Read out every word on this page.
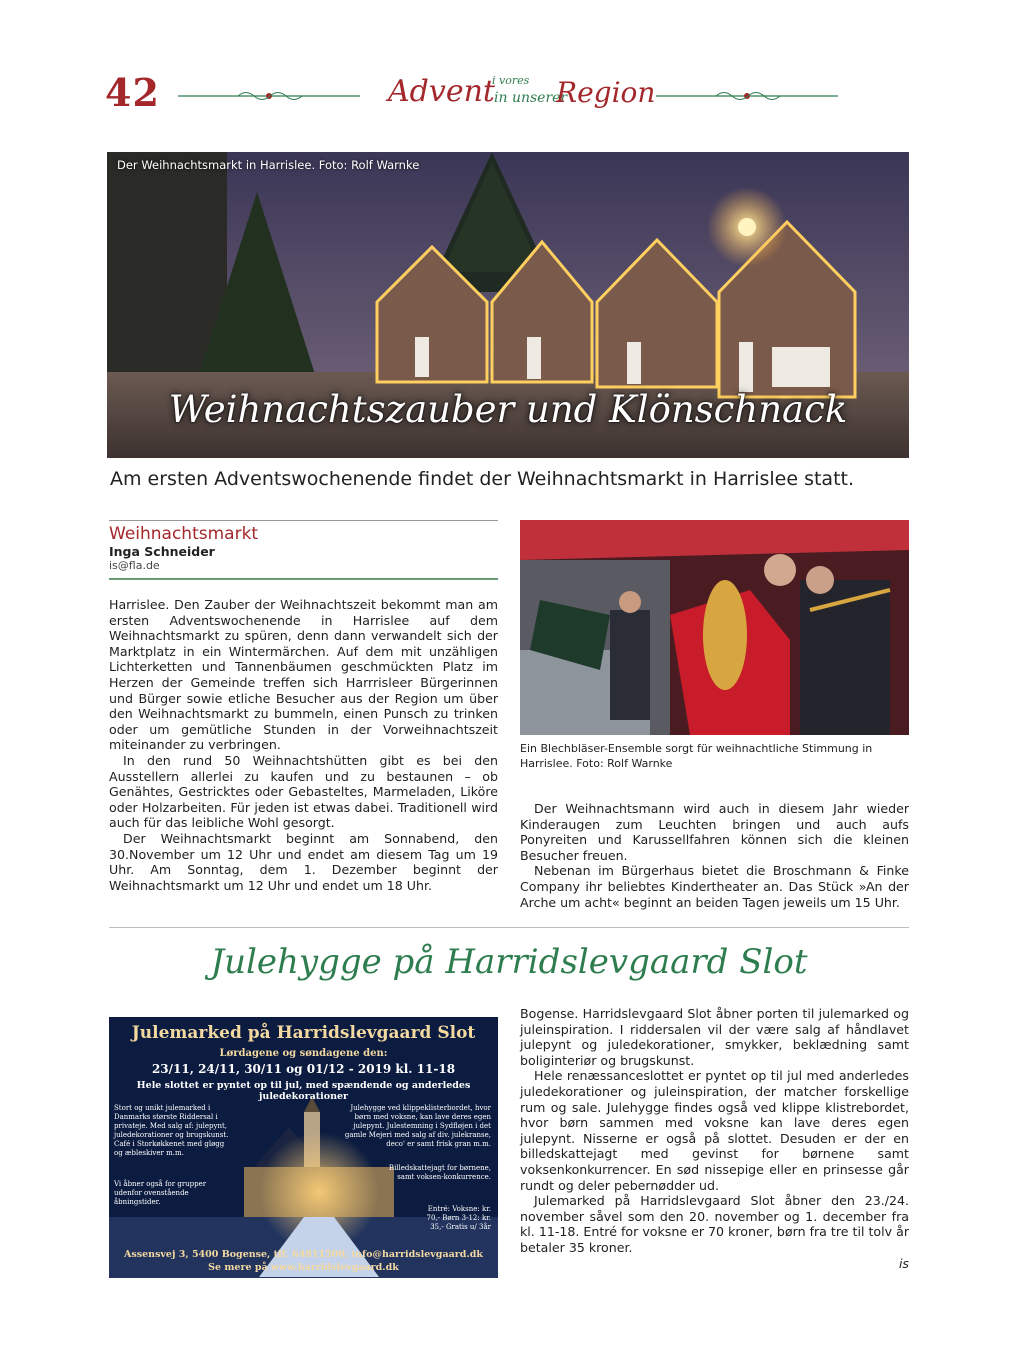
42	Advent
i vores
in unserer
Region
Der Weihnachtsmarkt in Harrislee. Foto: Rolf Warnke
Weihnachtszauber und Klönschnack
Am ersten Adventswochenende findet der Weihnachtsmarkt in Harrislee statt.
Weihnachtsmarkt
Inga Schneider
is@fla.de

Harrislee. Den Zauber der Weihnachtszeit bekommt man am ersten Adventswochenende in Harrislee auf dem Weihnachtsmarkt zu spüren, denn dann verwandelt sich der Marktplatz in ein Wintermärchen. Auf dem mit unzähligen Lichterketten und Tannenbäumen geschmückten Platz im Herzen der Gemeinde treffen sich Harrrisleer Bürgerinnen und Bürger sowie etliche Besucher aus der Region um über den Weihnachtsmarkt zu bummeln, einen Punsch zu trinken oder um gemütliche Stunden in der Vorweihnachtszeit miteinander zu verbringen.

In den rund 50 Weihnachtshütten gibt es bei den Ausstellern allerlei zu kaufen und zu bestaunen – ob Genähtes, Gestricktes oder Gebasteltes, Marmeladen, Liköre oder Holzarbeiten. Für jeden ist etwas dabei. Traditionell wird auch für das leibliche Wohl gesorgt.

Der Weihnachtsmarkt beginnt am Sonnabend, den 30.November um 12 Uhr und endet am diesem Tag um 19 Uhr. Am Sonntag, dem 1. Dezember beginnt der Weihnachtsmarkt um 12 Uhr und endet um 18 Uhr.

Ein Blechbläser-Ensemble sorgt für weihnachtliche Stimmung in Harrislee. Foto: Rolf Warnke

Der Weihnachtsmann wird auch in diesem Jahr wieder Kinderaugen zum Leuchten bringen und auch aufs Ponyreiten und Karussellfahren können sich die kleinen Besucher freuen.

Nebenan im Bürgerhaus bietet die Broschmann & Finke Company ihr beliebtes Kindertheater an. Das Stück »An der Arche um acht« beginnt an beiden Tagen jeweils um 15 Uhr.

Julehygge på Harridslevgaard Slot
Julemarked på Harridslevgaard Slot
Lørdagene og søndagene den:
23/11, 24/11, 30/11 og 01/12 - 2019 kl. 11-18
Hele slottet er pyntet op til jul, med spændende og anderledes juledekorationer
Stort og unikt julemarked i Danmarks største Riddersal i privateje. Med salg af: julepynt, juledekorationer og brugskunst. Café i Storkøkkenet med gløgg og æbleskiver m.m.
Vi åbner også for grupper udenfor ovenstående åbningstider.
Julehygge ved klippeklisterbordet, hvor børn med voksne, kan lave deres egen julepynt. Julestemning i Sydfløjen i det gamle Mejeri med salg af div. julekranse, deco' er samt frisk gran m.m.
Billedskattejagt for børnene, samt voksen-konkurrence.
Entré: Voksne: kr. 70,- Børn 3-12: kr. 35,- Gratis u/ 3år
Assensvej 3, 5400 Bogense, tlf. 64811500, info@harridslevgaard.dk
Se mere på www.harridslevgaard.dk

Bogense. Harridslevgaard Slot åbner porten til julemarked og juleinspiration. I riddersalen vil der være salg af håndlavet julepynt og juledekorationer, smykker, beklædning samt boliginteriør og brugskunst.

Hele renæssanceslottet er pyntet op til jul med anderledes juledekorationer og juleinspiration, der matcher forskellige rum og sale. Julehygge findes også ved klippe klistrebordet, hvor børn sammen med voksne kan lave deres egen julepynt. Nisserne er også på slottet. Desuden er der en billedskattejagt med gevinst for børnene samt voksenkonkurrencer. En sød nissepige eller en prinsesse går rundt og deler pebernødder ud.

Julemarked på Harridslevgaard Slot åbner den 23./24. november såvel som den 20. november og 1. december fra kl. 11-18. Entré for voksne er 70 kroner, børn fra tre til tolv år betaler 35 kroner.

is
